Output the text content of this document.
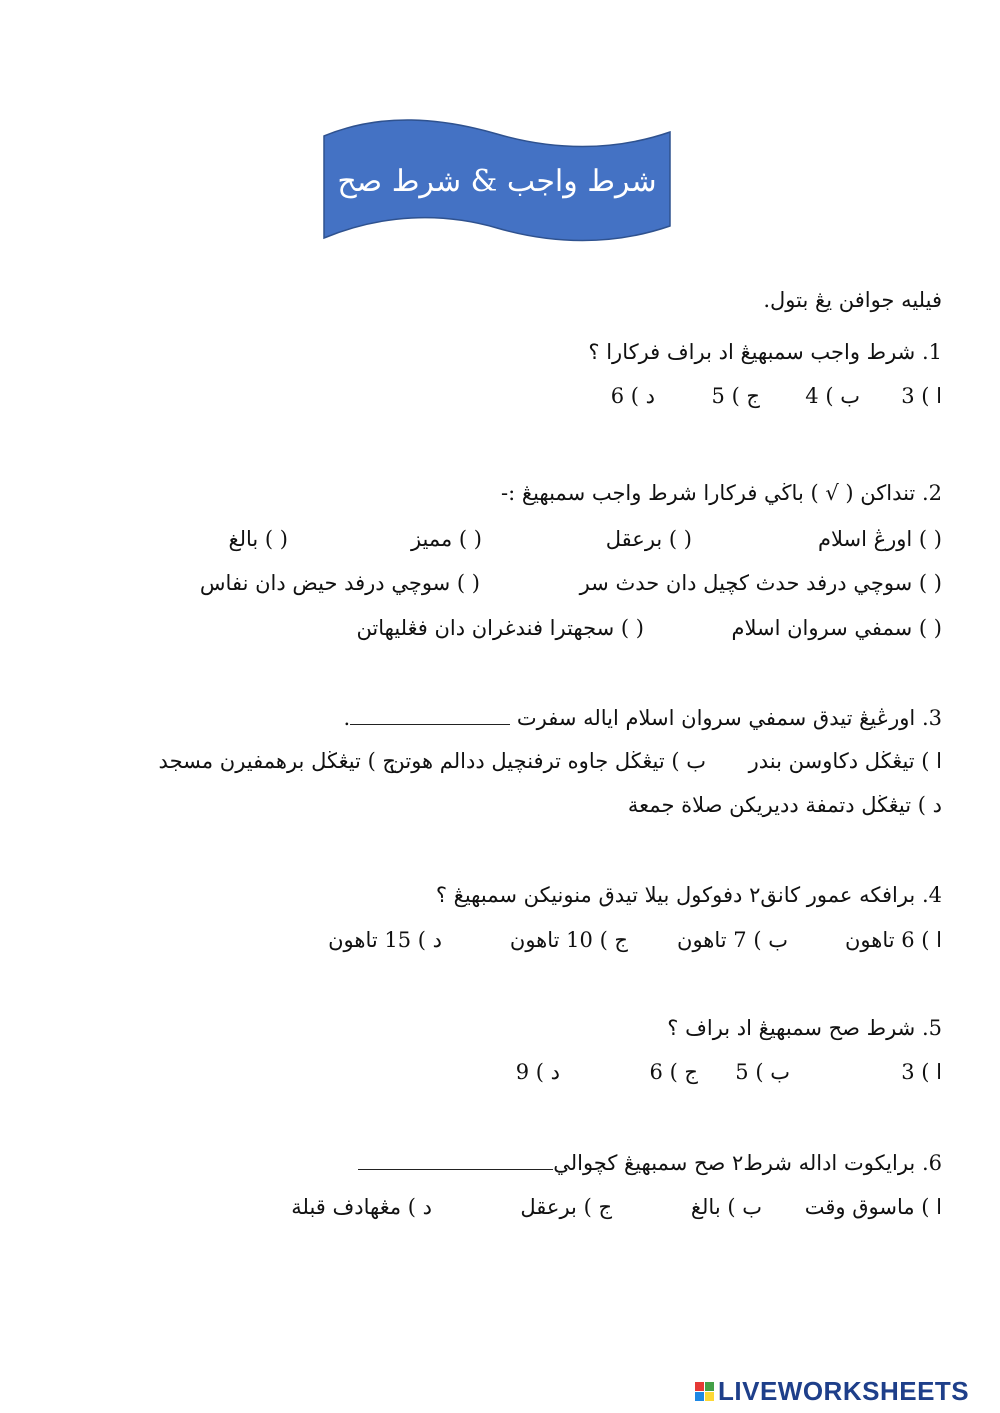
شرط واجب & شرط صح
فيليه جوافن يڠ بتول.
1. شرط واجب سمبهيڠ اد براف فركارا ؟
ا ) 3
ب ) 4
ج ) 5
د ) 6
2. تنداكن ( √ ) باڬي فركارا شرط واجب سمبهيڠ :-
( ) اورڠ اسلام
( ) برعقل
( ) مميز
( ) بالغ
( ) سوچي درفد حدث كچيل دان حدث سر
( ) سوچي درفد حيض دان نفاس
( ) سمفي سروان اسلام
( ) سجهترا فندغران دان فڠليهاتن
3. اورڠيڠ تيدق سمفي سروان اسلام اياله سفرت .
ا ) تيڠڬل دكاوسن بندر
ب ) تيڠڬل جاوه ترفنچيل ددالم هوتن
ج ) تيڠڬل برهمفيرن مسجد
د ) تيڠڬل دتمفة دديريكن صلاة جمعة
4. برافكه عمور كانق٢ دفوكول بيلا تيدق منونيكن سمبهيڠ ؟
ا ) 6 تاهون
ب ) 7 تاهون
ج ) 10 تاهون
د ) 15 تاهون
5. شرط صح سمبهيڠ اد براف ؟
ا ) 3
ب ) 5
ج ) 6
د ) 9
6. برايكوت اداله شرط٢ صح سمبهيڠ كچوالي
ا ) ماسوق وقت
ب ) بالغ
ج ) برعقل
د ) مڠهادف قبلة
LIVEWORKSHEETS
